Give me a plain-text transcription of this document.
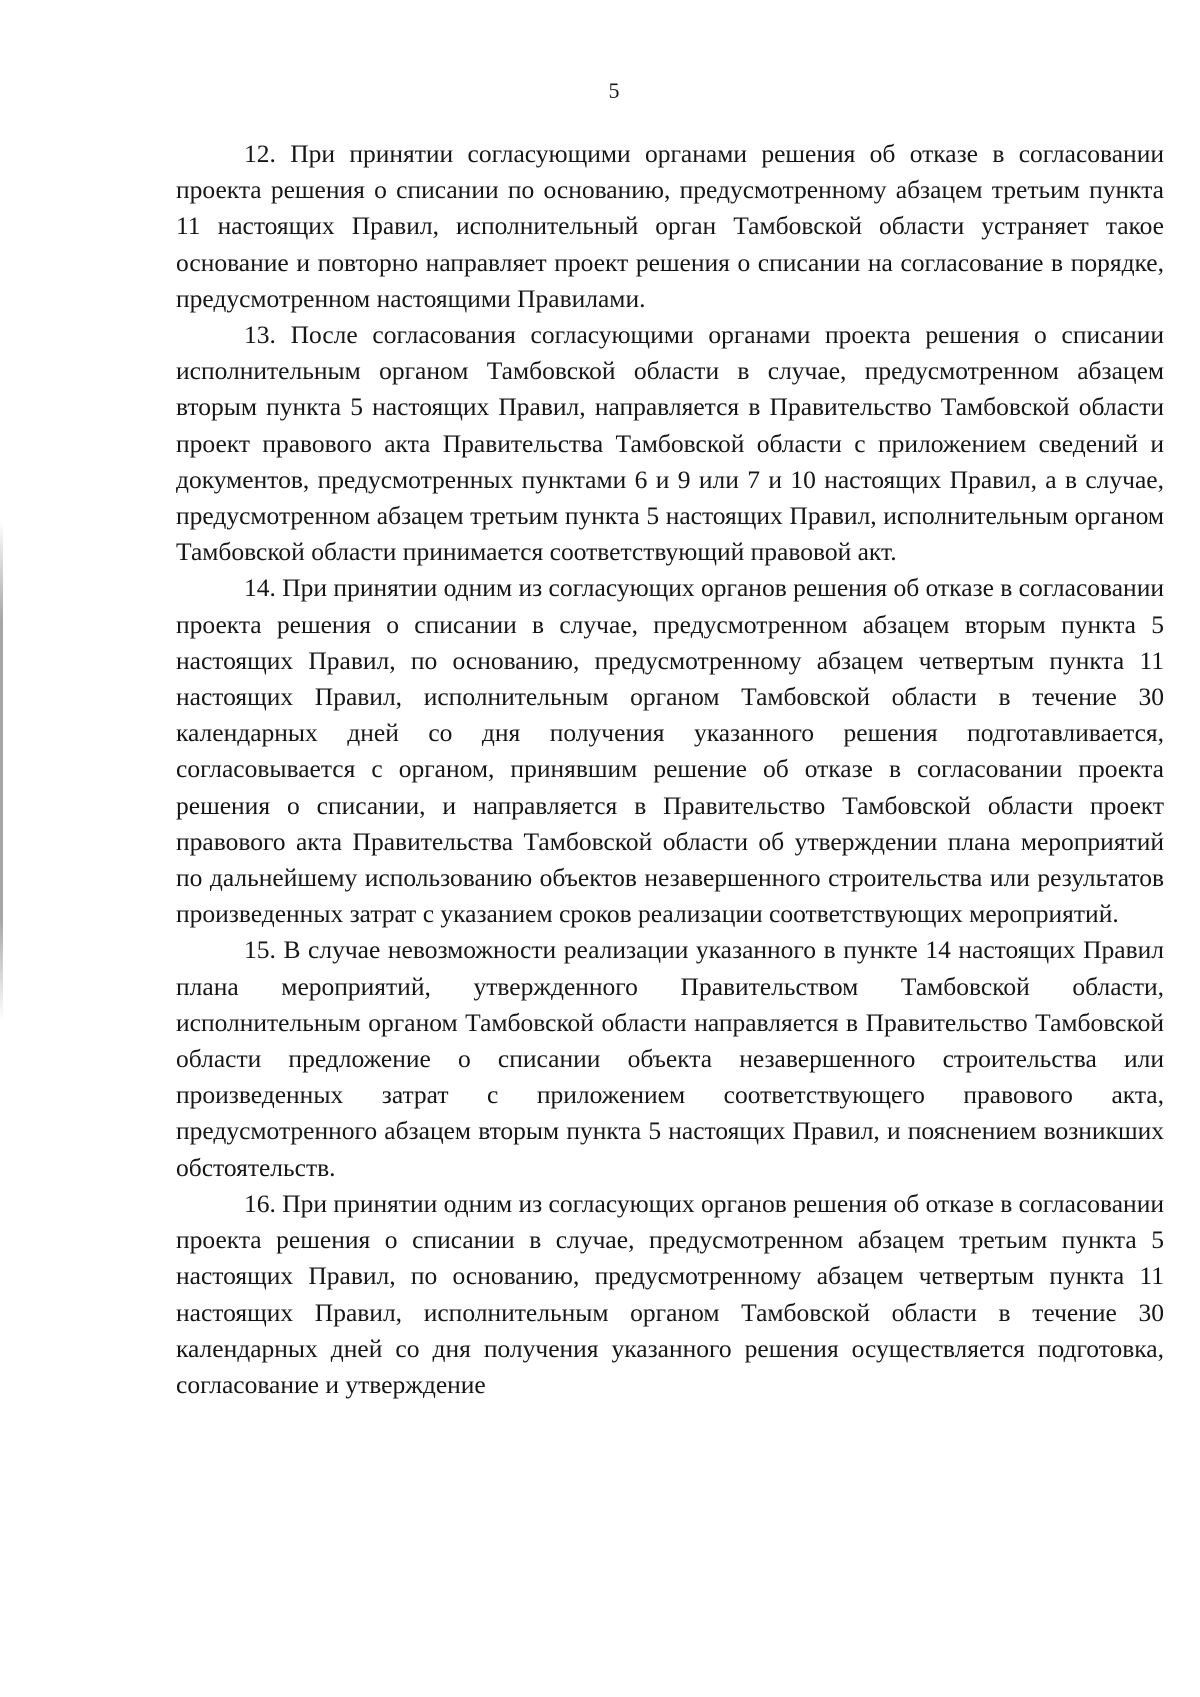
5

12. При принятии согласующими органами решения об отказе в согласовании проекта решения о списании по основанию, предусмотренному абзацем третьим пункта 11 настоящих Правил, исполнительный орган Тамбовской области устраняет такое основание и повторно направляет проект решения о списании на согласование в порядке, предусмотренном настоящими Правилами.

13. После согласования согласующими органами проекта решения о списании исполнительным органом Тамбовской области в случае, предусмотренном абзацем вторым пункта 5 настоящих Правил, направляется в Правительство Тамбовской области проект правового акта Правительства Тамбовской области с приложением сведений и документов, предусмотренных пунктами 6 и 9 или 7 и 10 настоящих Правил, а в случае, предусмотренном абзацем третьим пункта 5 настоящих Правил, исполнительным органом Тамбовской области принимается соответствующий правовой акт.

14. При принятии одним из согласующих органов решения об отказе в согласовании проекта решения о списании в случае, предусмотренном абзацем вторым пункта 5 настоящих Правил, по основанию, предусмотренному абзацем четвертым пункта 11 настоящих Правил, исполнительным органом Тамбовской области в течение 30 календарных дней со дня получения указанного решения подготавливается, согласовывается с органом, принявшим решение об отказе в согласовании проекта решения о списании, и направляется в Правительство Тамбовской области проект правового акта Правительства Тамбовской области об утверждении плана мероприятий по дальнейшему использованию объектов незавершенного строительства или результатов произведенных затрат с указанием сроков реализации соответствующих мероприятий.

15. В случае невозможности реализации указанного в пункте 14 настоящих Правил плана мероприятий, утвержденного Правительством Тамбовской области, исполнительным органом Тамбовской области направляется в Правительство Тамбовской области предложение о списании объекта незавершенного строительства или произведенных затрат с приложением соответствующего правового акта, предусмотренного абзацем вторым пункта 5 настоящих Правил, и пояснением возникших обстоятельств.

16. При принятии одним из согласующих органов решения об отказе в согласовании проекта решения о списании в случае, предусмотренном абзацем третьим пункта 5 настоящих Правил, по основанию, предусмотренному абзацем четвертым пункта 11 настоящих Правил, исполнительным органом Тамбовской области в течение 30 календарных дней со дня получения указанного решения осуществляется подготовка, согласование и утверждение
